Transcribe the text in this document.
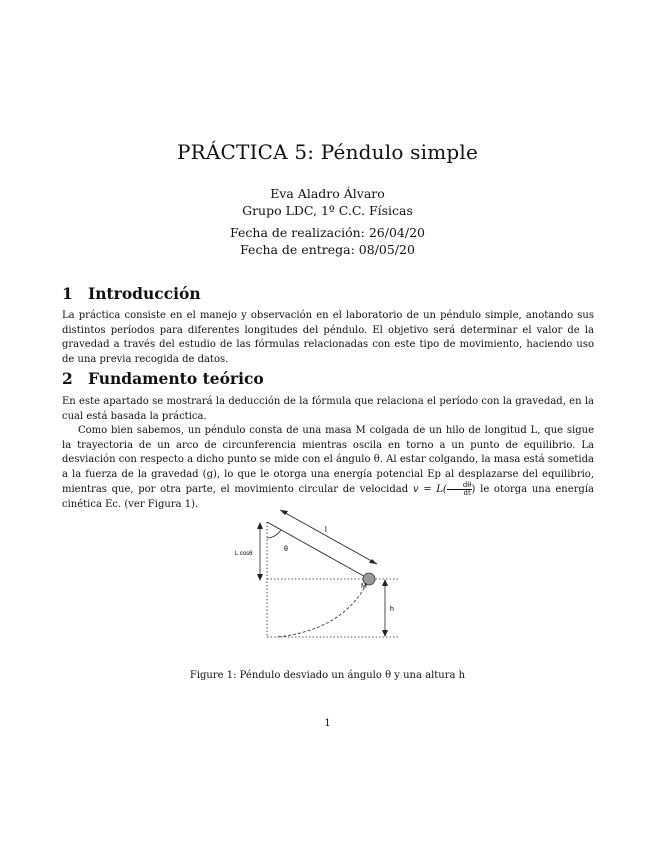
PRÁCTICA 5: Péndulo simple
Eva Aladro Álvaro
Grupo LDC, 1º C.C. Físicas
Fecha de realización: 26/04/20
Fecha de entrega: 08/05/20
1 Introducción
La práctica consiste en el manejo y observación en el laboratorio de un péndulo simple, anotando sus distintos períodos para diferentes longitudes del péndulo. El objetivo será determinar el valor de la gravedad a través del estudio de las fórmulas relacionadas con este tipo de movimiento, haciendo uso de una previa recogida de datos.
2 Fundamento teórico
En este apartado se mostrará la deducción de la fórmula que relaciona el período con la gravedad, en la cual está basada la práctica.
Como bien sabemos, un péndulo consta de una masa M colgada de un hilo de longitud L, que sigue la trayectoria de un arco de circunferencia mientras oscila en torno a un punto de equilibrio. La desviación con respecto a dicho punto se mide con el ángulo θ. Al estar colgando, la masa está sometida a la fuerza de la gravedad (g), lo que le otorga una energía potencial Ep al desplazarse del equilibrio, mientras que, por otra parte, el movimiento circular de velocidad $v = L( \frac{d\theta}{dt}$ ) le otorga una energía cinética Ec. (ver Figura 1).
l
L cosθ
θ
M
h
Figure 1: Péndulo desviado un ángulo θ y una altura h
1
